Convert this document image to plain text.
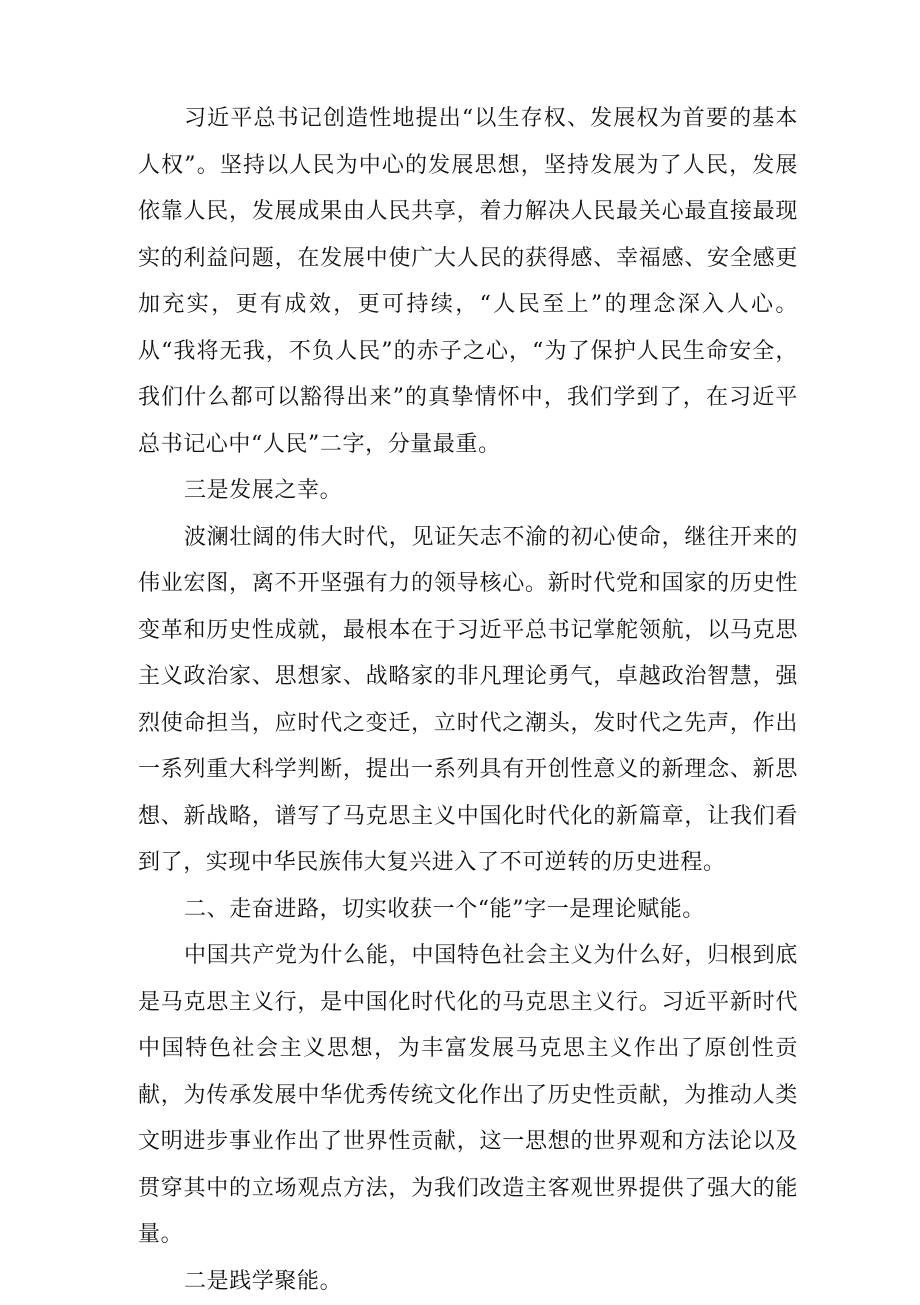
习近平总书记创造性地提出“以生存权、发展权为首要的基本人权”。坚持以人民为中心的发展思想，坚持发展为了人民，发展依靠人民，发展成果由人民共享，着力解决人民最关心最直接最现实的利益问题，在发展中使广大人民的获得感、幸福感、安全感更加充实，更有成效，更可持续，“人民至上”的理念深入人心。从“我将无我，不负人民”的赤子之心，“为了保护人民生命安全，我们什么都可以豁得出来”的真挚情怀中，我们学到了，在习近平总书记心中“人民”二字，分量最重。

三是发展之幸。

波澜壮阔的伟大时代，见证矢志不渝的初心使命，继往开来的伟业宏图，离不开坚强有力的领导核心。新时代党和国家的历史性变革和历史性成就，最根本在于习近平总书记掌舵领航，以马克思主义政治家、思想家、战略家的非凡理论勇气，卓越政治智慧，强烈使命担当，应时代之变迁，立时代之潮头，发时代之先声，作出一系列重大科学判断，提出一系列具有开创性意义的新理念、新思想、新战略，谱写了马克思主义中国化时代化的新篇章，让我们看到了，实现中华民族伟大复兴进入了不可逆转的历史进程。

二、走奋进路，切实收获一个“能”字一是理论赋能。

中国共产党为什么能，中国特色社会主义为什么好，归根到底是马克思主义行，是中国化时代化的马克思主义行。习近平新时代中国特色社会主义思想，为丰富发展马克思主义作出了原创性贡献，为传承发展中华优秀传统文化作出了历史性贡献，为推动人类文明进步事业作出了世界性贡献，这一思想的世界观和方法论以及贯穿其中的立场观点方法，为我们改造主客观世界提供了强大的能量。

二是践学聚能。
